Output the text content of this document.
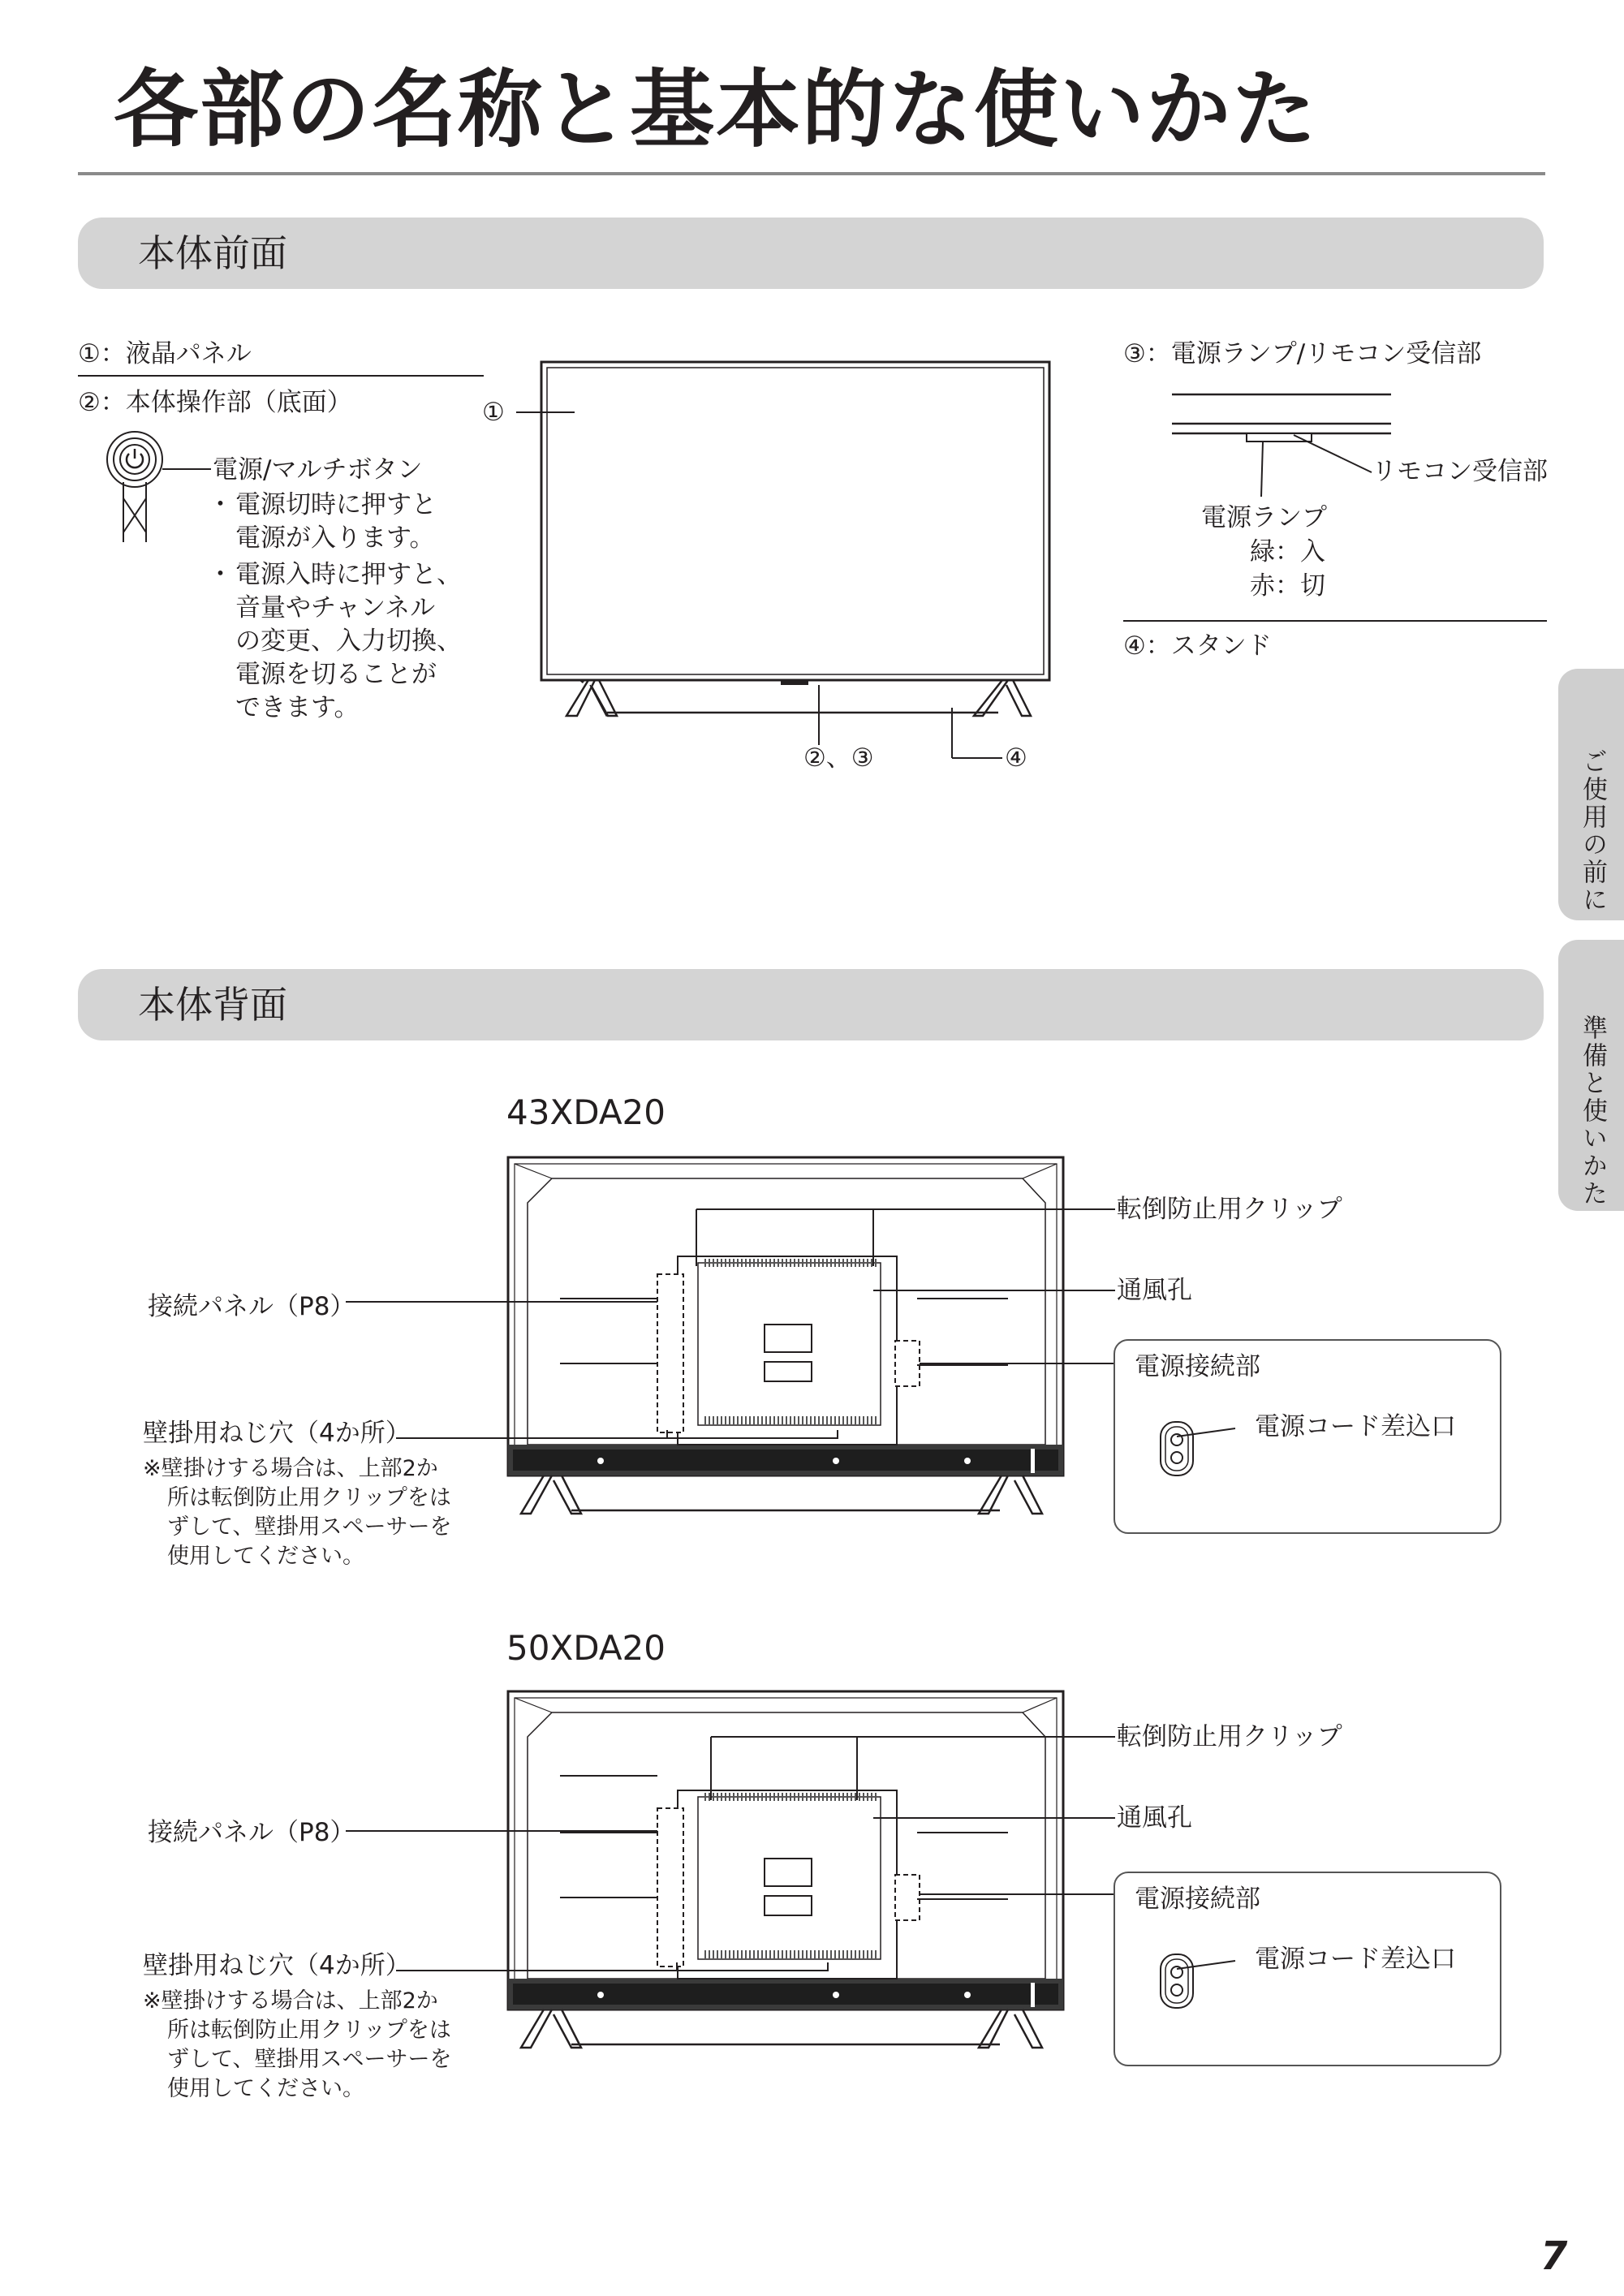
各部の名称と基本的な使いかた
ご使用の前に
準備と使いかた
本体前面
①：液晶パネル
②：本体操作部（底面）
電源/マルチボタン
・ 電源切時に押すと
電源が入ります。
・ 電源入時に押すと、
音量やチャンネル
の変更、入力切換、
電源を切ることが
できます。
①
②、③	④
③：電源ランプ/リモコン受信部
リモコン受信部
電源ランプ
緑：入
赤：切
④：スタンド
本体背面
43XDA20
転倒防止用クリップ
通風孔
接続パネル（P8）
壁掛用ねじ穴（4か所）
※壁掛けする場合は、上部2か
所は転倒防止用クリップをは
ずして、壁掛用スペーサーを
使用してください。
電源接続部
電源コード差込口
50XDA20
転倒防止用クリップ
通風孔
接続パネル（P8）
壁掛用ねじ穴（4か所）
※壁掛けする場合は、上部2か
所は転倒防止用クリップをは
ずして、壁掛用スペーサーを
使用してください。
電源接続部
電源コード差込口
7
